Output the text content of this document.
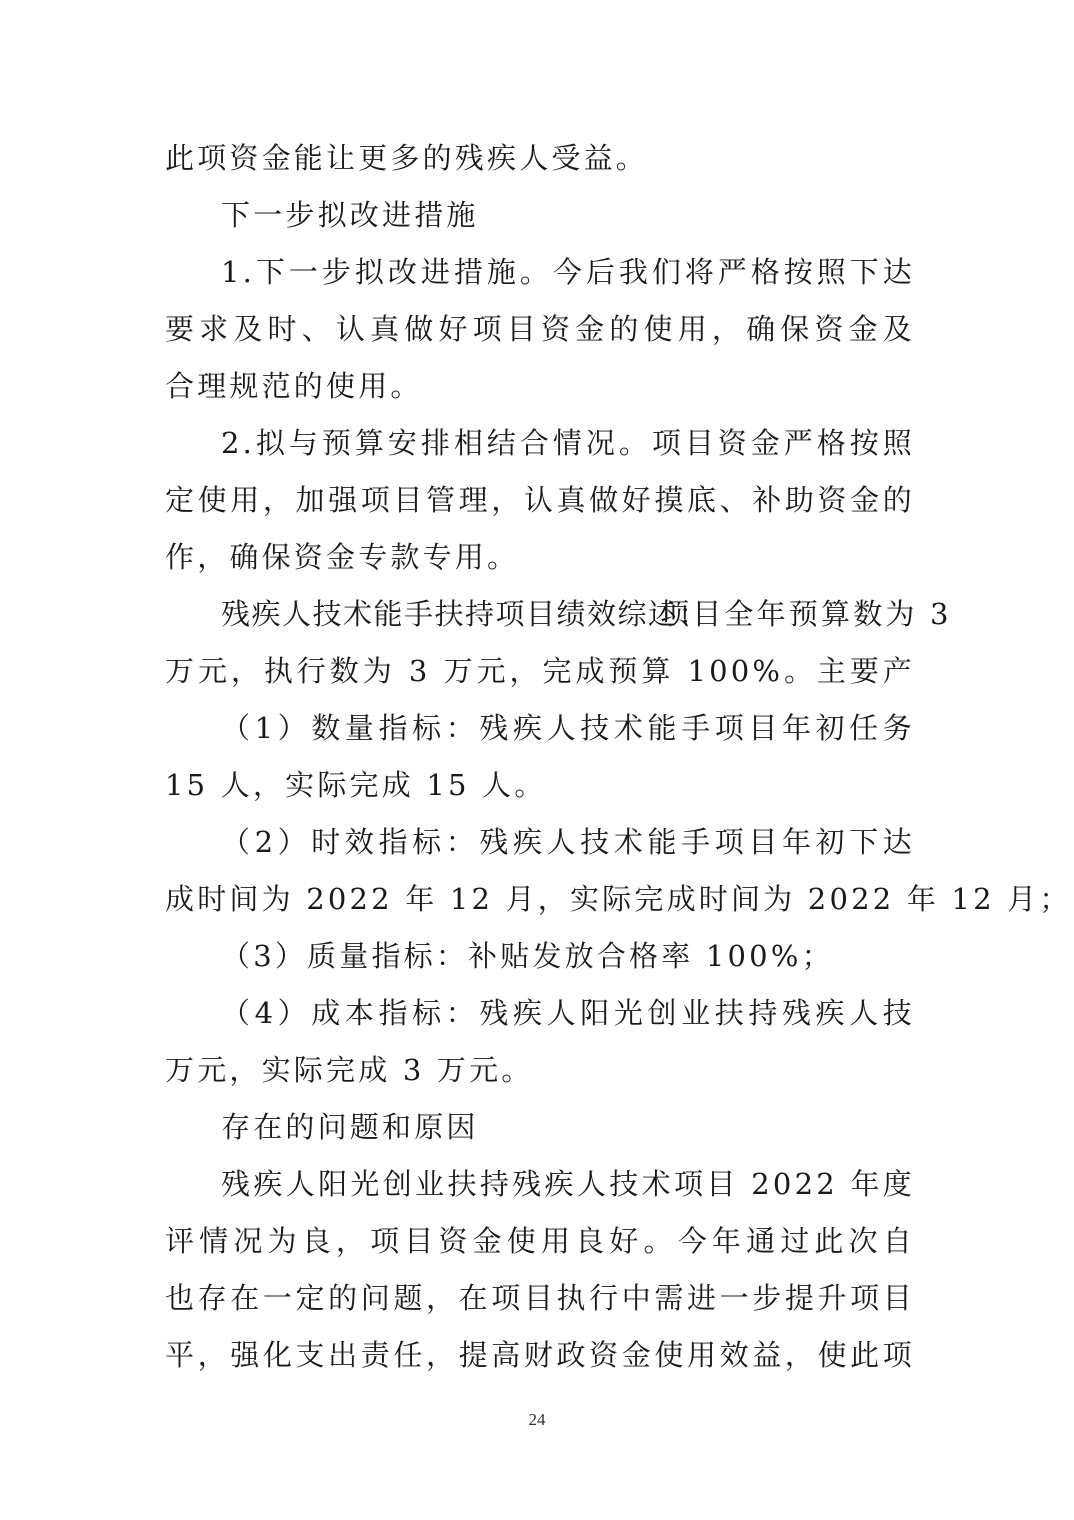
此项资金能让更多的残疾人受益。
下一步拟改进措施
1.下一步拟改进措施。今后我们将严格按照下达
要求及时、认真做好项目资金的使用，确保资金及
合理规范的使用。
2.拟与预算安排相结合情况。项目资金严格按照
定使用，加强项目管理，认真做好摸底、补助资金的
作，确保资金专款专用。
残疾人技术能手扶持项目绩效综述：
项目全年预算数为 3
万元，执行数为 3 万元，完成预算 100%。主要产
（1）数量指标：残疾人技术能手项目年初任务
15 人，实际完成 15 人。
（2）时效指标：残疾人技术能手项目年初下达
成时间为 2022 年 12 月，实际完成时间为 2022 年 12 月；
（3）质量指标：补贴发放合格率 100%；
（4）成本指标：残疾人阳光创业扶持残疾人技
万元，实际完成 3 万元。
存在的问题和原因
残疾人阳光创业扶持残疾人技术项目 2022 年度
评情况为良，项目资金使用良好。今年通过此次自
也存在一定的问题，在项目执行中需进一步提升项目
平，强化支出责任，提高财政资金使用效益，使此项
24
